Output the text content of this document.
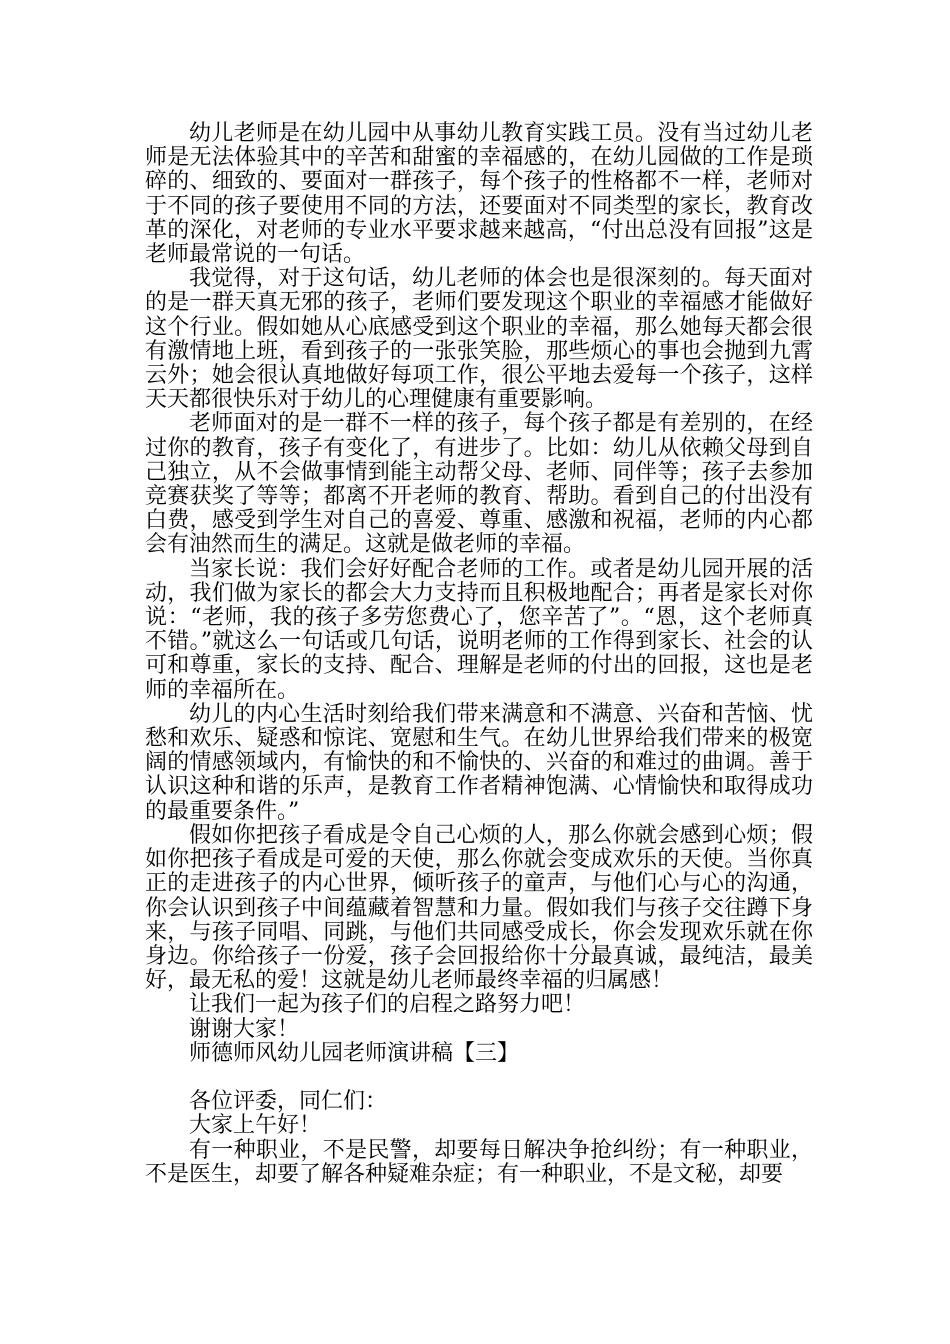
幼儿老师是在幼儿园中从事幼儿教育实践工员。没有当过幼儿老师是无法体验其中的辛苦和甜蜜的幸福感的，在幼儿园做的工作是琐碎的、细致的、要面对一群孩子，每个孩子的性格都不一样，老师对于不同的孩子要使用不同的方法，还要面对不同类型的家长，教育改革的深化，对老师的专业水平要求越来越高，“付出总没有回报”这是老师最常说的一句话。

我觉得，对于这句话，幼儿老师的体会也是很深刻的。每天面对的是一群天真无邪的孩子，老师们要发现这个职业的幸福感才能做好这个行业。假如她从心底感受到这个职业的幸福，那么她每天都会很有激情地上班，看到孩子的一张张笑脸，那些烦心的事也会抛到九霄云外；她会很认真地做好每项工作，很公平地去爱每一个孩子，这样天天都很快乐对于幼儿的心理健康有重要影响。

老师面对的是一群不一样的孩子，每个孩子都是有差别的，在经过你的教育，孩子有变化了，有进步了。比如：幼儿从依赖父母到自己独立，从不会做事情到能主动帮父母、老师、同伴等；孩子去参加竞赛获奖了等等；都离不开老师的教育、帮助。看到自己的付出没有白费，感受到学生对自己的喜爱、尊重、感激和祝福，老师的内心都会有油然而生的满足。这就是做老师的幸福。

当家长说：我们会好好配合老师的工作。或者是幼儿园开展的活动，我们做为家长的都会大力支持而且积极地配合；再者是家长对你说：“老师，我的孩子多劳您费心了，您辛苦了”。“恩，这个老师真不错。”就这么一句话或几句话，说明老师的工作得到家长、社会的认可和尊重，家长的支持、配合、理解是老师的付出的回报，这也是老师的幸福所在。

幼儿的内心生活时刻给我们带来满意和不满意、兴奋和苦恼、忧愁和欢乐、疑惑和惊诧、宽慰和生气。在幼儿世界给我们带来的极宽阔的情感领域内，有愉快的和不愉快的、兴奋的和难过的曲调。善于认识这种和谐的乐声，是教育工作者精神饱满、心情愉快和取得成功的最重要条件。”

假如你把孩子看成是令自己心烦的人，那么你就会感到心烦；假如你把孩子看成是可爱的天使，那么你就会变成欢乐的天使。当你真正的走进孩子的内心世界，倾听孩子的童声，与他们心与心的沟通，你会认识到孩子中间蕴藏着智慧和力量。假如我们与孩子交往蹲下身来，与孩子同唱、同跳，与他们共同感受成长，你会发现欢乐就在你身边。你给孩子一份爱，孩子会回报给你十分最真诚，最纯洁，最美好，最无私的爱！这就是幼儿老师最终幸福的归属感！

让我们一起为孩子们的启程之路努力吧！

谢谢大家！

师德师风幼儿园老师演讲稿【三】

各位评委，同仁们：

大家上午好！

有一种职业，不是民警，却要每日解决争抢纠纷；有一种职业，不是医生，却要了解各种疑难杂症；有一种职业，不是文秘，却要
